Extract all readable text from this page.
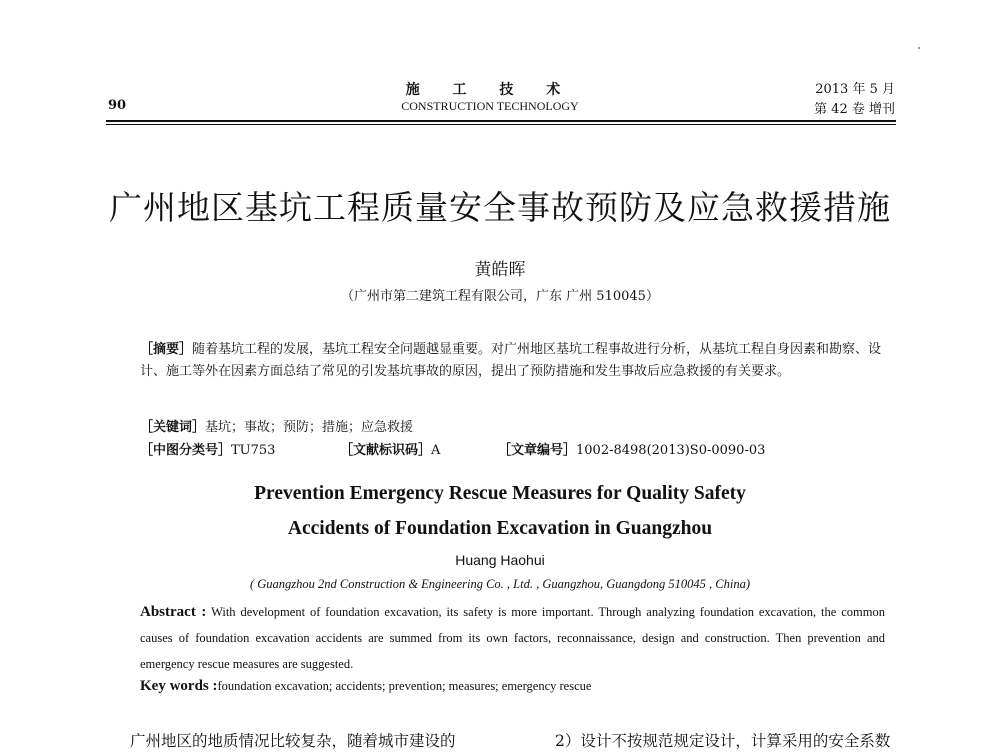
90
施 工 技 术
CONSTRUCTION TECHNOLOGY
2013 年 5 月
第 42 卷 增刊
广州地区基坑工程质量安全事故预防及应急救援措施
黄皓晖
（广州市第二建筑工程有限公司，广东 广州 510045）
［摘要］随着基坑工程的发展，基坑工程安全问题越显重要。对广州地区基坑工程事故进行分析，从基坑工程自身因素和勘察、设计、施工等外在因素方面总结了常见的引发基坑事故的原因，提出了预防措施和发生事故后应急救援的有关要求。
［关键词］基坑；事故；预防；措施；应急救援
［中图分类号］TU753	［文献标识码］A	［文章编号］1002-8498(2013)S0-0090-03
Prevention Emergency Rescue Measures for Quality Safety
Accidents of Foundation Excavation in Guangzhou
Huang Haohui
( Guangzhou 2nd Construction & Engineering Co. , Ltd. , Guangzhou, Guangdong 510045 , China)
Abstract : With development of foundation excavation, its safety is more important. Through analyzing foundation excavation, the common causes of foundation excavation accidents are summed from its own factors, reconnaissance, design and construction. Then prevention and emergency rescue measures are suggested.
Key words :foundation excavation; accidents; prevention; measures; emergency rescue
广州地区的地质情况比较复杂，随着城市建设的	2）设计不按规范规定设计，计算采用的安全系数
